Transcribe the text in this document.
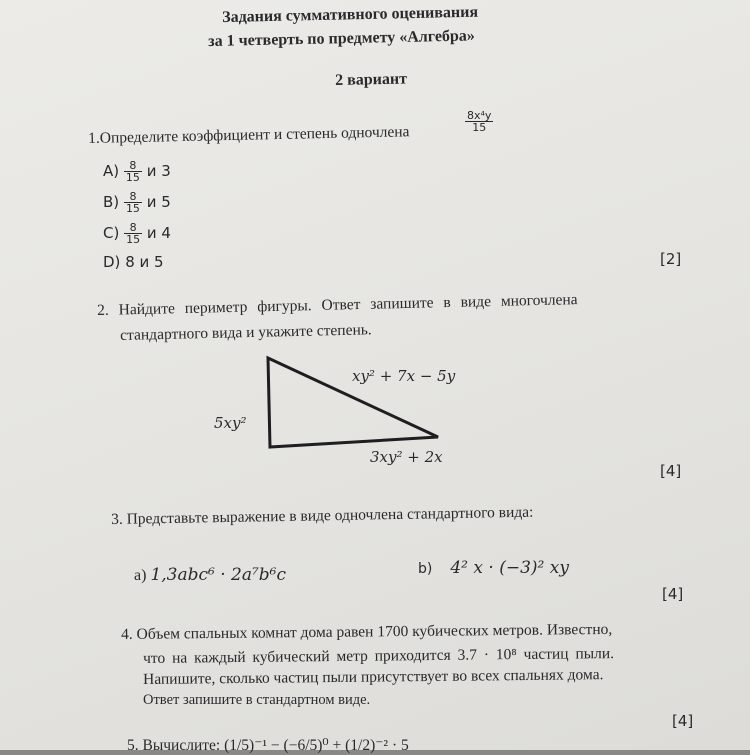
Задания суммативного оценивания
за 1 четверть по предмету «Алгебра»
2 вариант
1.Определите коэффициент и степень одночлена
$\frac{\text{8x⁴y}}{15}$
$A) \frac{8}{15}$ и 3
$B) \frac{8}{15}$ и 5
$C) \frac{8}{15}$ и 4
D) 8 и 5	[2]
2. Найдите периметр фигуры. Ответ запишите в виде многочлена
стандартного вида и укажите степень.
xy² + 7x − 5y
5xy²
3xy² + 2x
[4]
3. Представьте выражение в виде одночлена стандартного вида:
а) 1,3abc⁶ · 2a⁷b⁶c	b) 4² x · (−3)² xy
[4]
4. Объем спальных комнат дома равен 1700 кубических метров. Известно,
что на каждый кубический метр приходится 3.7 · 10⁸ частиц пыли.
Напишите, сколько частиц пыли присутствует во всех спальнях дома.
Ответ запишите в стандартном виде.
[4]
5. Вычислите: (1/5)⁻¹ − (−6/5)⁰ + (1/2)⁻² · 5
